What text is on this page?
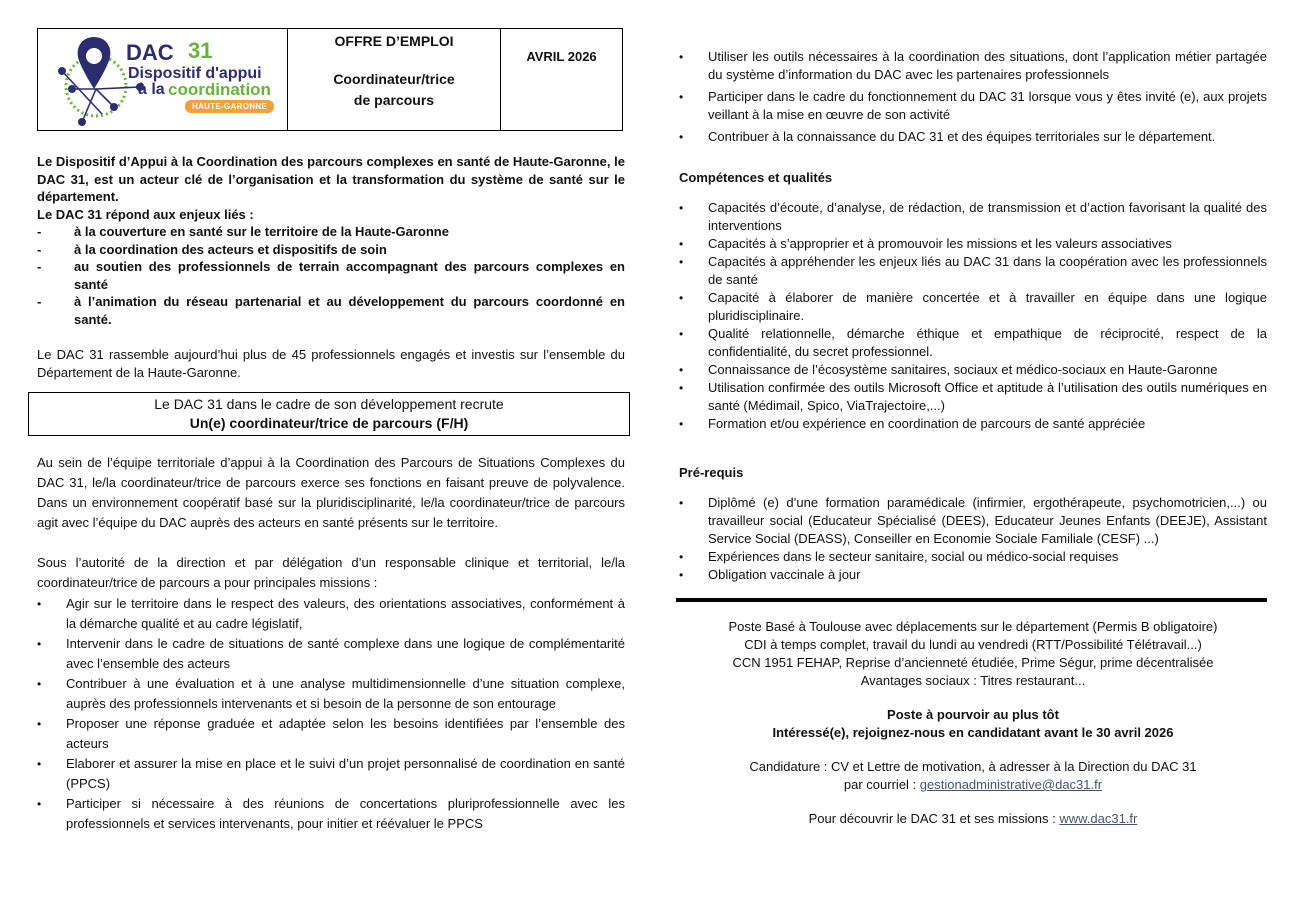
DAC 31
Dispositif d'appui
à la coordination
HAUTE-GARONNE
OFFRE D’EMPLOI
Coordinateur/trice
de parcours
AVRIL 2026

Le Dispositif d’Appui à la Coordination des parcours complexes en santé de Haute-Garonne, le DAC 31, est un acteur clé de l’organisation et la transformation du système de santé sur le département.

Le DAC 31 répond aux enjeux liés :

-	à la couverture en santé sur le territoire de la Haute-Garonne
-	à la coordination des acteurs et dispositifs de soin
-	au soutien des professionnels de terrain accompagnant des parcours complexes en santé
-	à l’animation du réseau partenarial et au développement du parcours coordonné en santé.

Le DAC 31 rassemble aujourd’hui plus de 45 professionnels engagés et investis sur l’ensemble du Département de la Haute-Garonne.

Le DAC 31 dans le cadre de son développement recrute
Un(e) coordinateur/trice de parcours (F/H)

Au sein de l’équipe territoriale d’appui à la Coordination des Parcours de Situations Complexes du DAC 31, le/la coordinateur/trice de parcours exerce ses fonctions en faisant preuve de polyvalence. Dans un environnement coopératif basé sur la pluridisciplinarité, le/la coordinateur/trice de parcours agit avec l’équipe du DAC auprès des acteurs en santé présents sur le territoire.

Sous l’autorité de la direction et par délégation d’un responsable clinique et territorial, le/la coordinateur/trice de parcours a pour principales missions :

• Agir sur le territoire dans le respect des valeurs, des orientations associatives, conformément à la démarche qualité et au cadre législatif,
• Intervenir dans le cadre de situations de santé complexe dans une logique de complémentarité avec l’ensemble des acteurs
• Contribuer à une évaluation et à une analyse multidimensionnelle d’une situation complexe, auprès des professionnels intervenants et si besoin de la personne de son entourage
• Proposer une réponse graduée et adaptée selon les besoins identifiées par l’ensemble des acteurs
• Elaborer et assurer la mise en place et le suivi d’un projet personnalisé de coordination en santé (PPCS)
• Participer si nécessaire à des réunions de concertations pluriprofessionnelle avec les professionnels et services intervenants, pour initier et réévaluer le PPCS
• Utiliser les outils nécessaires à la coordination des situations, dont l’application métier partagée du système d’information du DAC avec les partenaires professionnels
• Participer dans le cadre du fonctionnement du DAC 31 lorsque vous y êtes invité (e), aux projets veillant à la mise en œuvre de son activité
• Contribuer à la connaissance du DAC 31 et des équipes territoriales sur le département.
Compétences et qualités
• Capacités d’écoute, d’analyse, de rédaction, de transmission et d’action favorisant la qualité des interventions
• Capacités à s’approprier et à promouvoir les missions et les valeurs associatives
• Capacités à appréhender les enjeux liés au DAC 31 dans la coopération avec les professionnels de santé
• Capacité à élaborer de manière concertée et à travailler en équipe dans une logique pluridisciplinaire.
• Qualité relationnelle, démarche éthique et empathique de réciprocité, respect de la confidentialité, du secret professionnel.
• Connaissance de l’écosystème sanitaires, sociaux et médico-sociaux en Haute-Garonne
• Utilisation confirmée des outils Microsoft Office et aptitude à l’utilisation des outils numériques en santé (Médimail, Spico, ViaTrajectoire,...)
• Formation et/ou expérience en coordination de parcours de santé appréciée
Pré-requis
• Diplômé (e) d’une formation paramédicale (infirmier, ergothérapeute, psychomotricien,...) ou travailleur social (Educateur Spécialisé (DEES), Educateur Jeunes Enfants (DEEJE), Assistant Service Social (DEASS), Conseiller en Economie Sociale Familiale (CESF) ...)
• Expériences dans le secteur sanitaire, social ou médico-social requises
• Obligation vaccinale à jour
Poste Basé à Toulouse avec déplacements sur le département (Permis B obligatoire)
CDI à temps complet, travail du lundi au vendredi (RTT/Possibilité Télétravail...)
CCN 1951 FEHAP, Reprise d’ancienneté étudiée, Prime Ségur, prime décentralisée
Avantages sociaux : Titres restaurant...
Poste à pourvoir au plus tôt
Intéressé(e), rejoignez-nous en candidatant avant le 30 avril 2026
Candidature : CV et Lettre de motivation, à adresser à la Direction du DAC 31
par courriel : gestionadministrative@dac31.fr
Pour découvrir le DAC 31 et ses missions : www.dac31.fr
